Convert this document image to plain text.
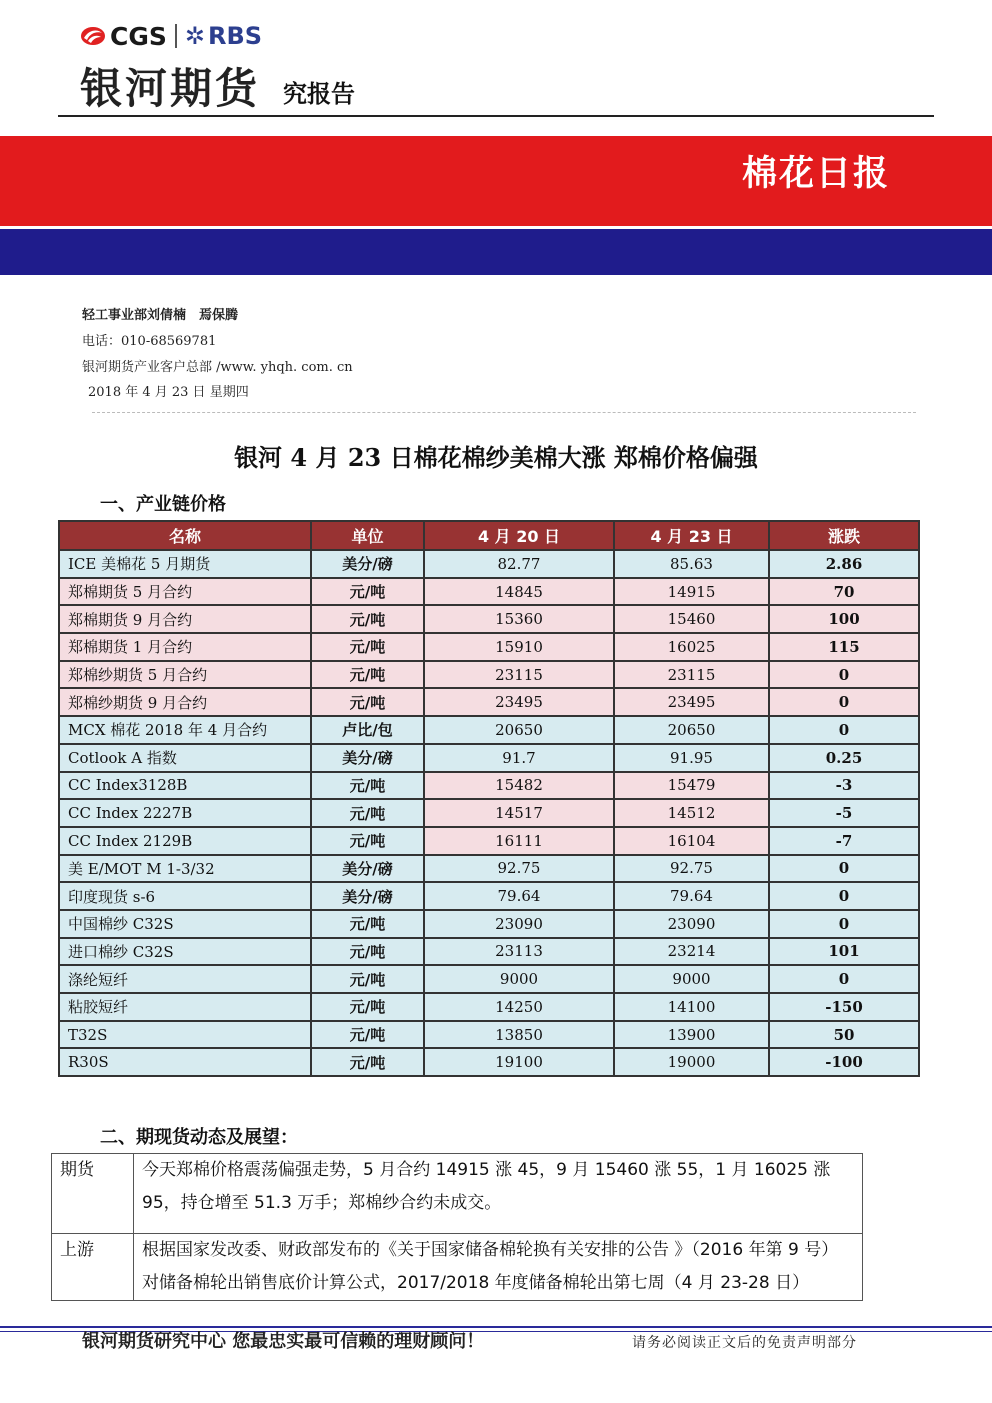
CGS ✲ RBS
银河期货 究报告
棉花日报
轻工事业部刘倩楠　焉保腾
电话：010-68569781
银河期货产业客户总部 /www. yhqh. com. cn
2018 年 4 月 23 日 星期四
银河 4 月 23 日棉花棉纱美棉大涨 郑棉价格偏强
一、产业链价格
名称	单位	4 月 20 日	4 月 23 日	涨跌
ICE 美棉花 5 月期货	美分/磅	82.77	85.63	2.86
郑棉期货 5 月合约	元/吨	14845	14915	70
郑棉期货 9 月合约	元/吨	15360	15460	100
郑棉期货 1 月合约	元/吨	15910	16025	115
郑棉纱期货 5 月合约	元/吨	23115	23115	0
郑棉纱期货 9 月合约	元/吨	23495	23495	0
MCX 棉花 2018 年 4 月合约	卢比/包	20650	20650	0
Cotlook A 指数	美分/磅	91.7	91.95	0.25
CC Index3128B	元/吨	15482	15479	-3
CC Index 2227B	元/吨	14517	14512	-5
CC Index 2129B	元/吨	16111	16104	-7
美 E/MOT M 1-3/32	美分/磅	92.75	92.75	0
印度现货 s-6	美分/磅	79.64	79.64	0
中国棉纱 C32S	元/吨	23090	23090	0
进口棉纱 C32S	元/吨	23113	23214	101
涤纶短纤	元/吨	9000	9000	0
粘胶短纤	元/吨	14250	14100	-150
T32S	元/吨	13850	13900	50
R30S	元/吨	19100	19000	-100
二、期现货动态及展望：
期货	今天郑棉价格震荡偏强走势，5 月合约 14915 涨 45，9 月 15460 涨 55，1 月 16025 涨 95，持仓增至 51.3 万手；郑棉纱合约未成交。
上游	根据国家发改委、财政部发布的《关于国家储备棉轮换有关安排的公告 》（2016 年第 9 号）对储备棉轮出销售底价计算公式，2017/2018 年度储备棉轮出第七周（4 月 23-28 日）
银河期货研究中心 您最忠实最可信赖的理财顾问！	请务必阅读正文后的免责声明部分
